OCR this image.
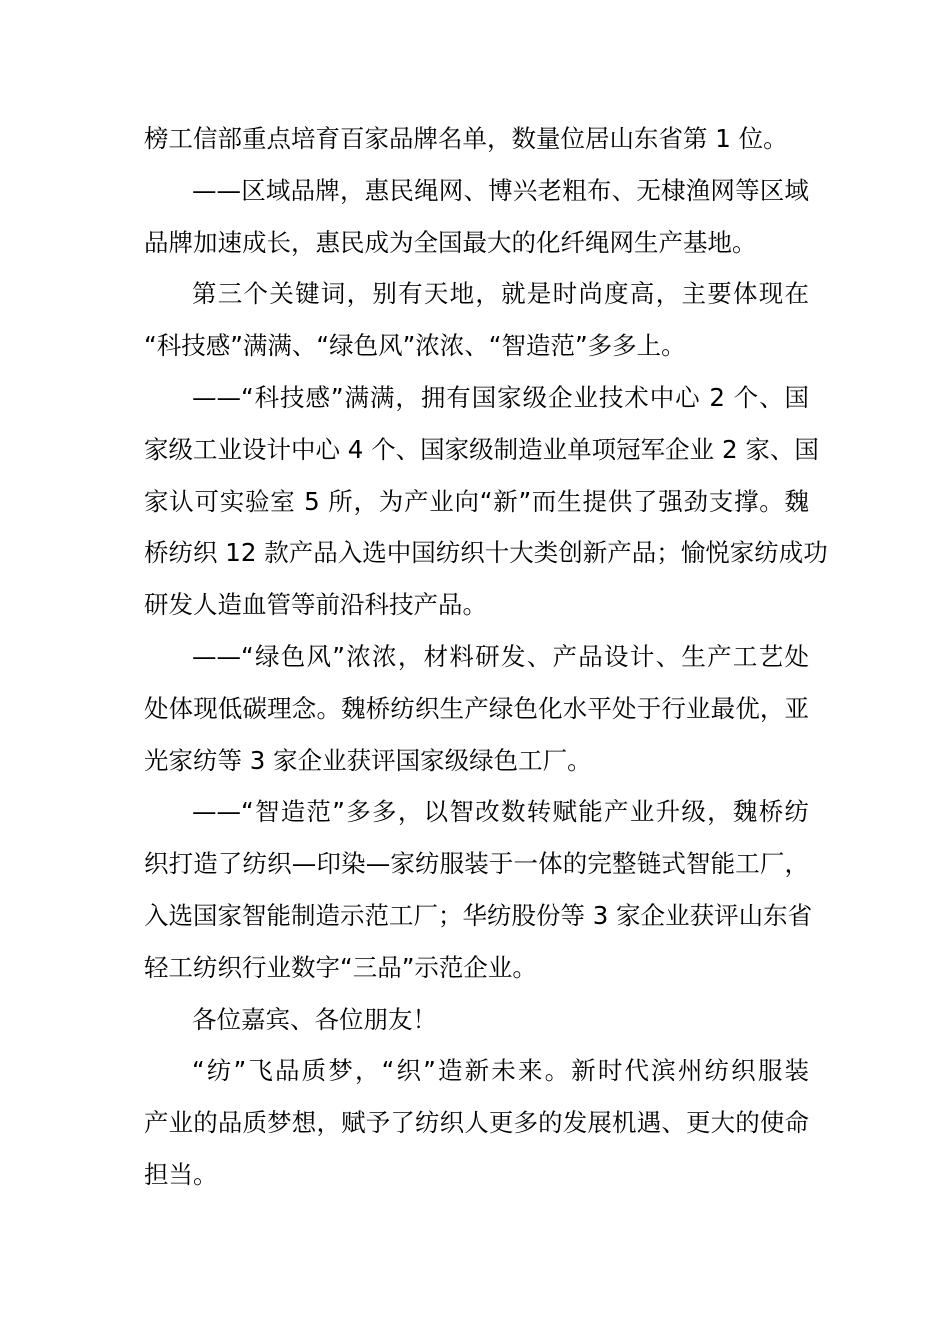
榜工信部重点培育百家品牌名单，数量位居山东省第 1 位。
——区域品牌，惠民绳网、博兴老粗布、无棣渔网等区域
品牌加速成长，惠民成为全国最大的化纤绳网生产基地。
第三个关键词，别有天地，就是时尚度高，主要体现在
“科技感”满满、“绿色风”浓浓、“智造范”多多上。
——“科技感”满满，拥有国家级企业技术中心 2 个、国
家级工业设计中心 4 个、国家级制造业单项冠军企业 2 家、国
家认可实验室 5 所，为产业向“新”而生提供了强劲支撑。魏
桥纺织 12 款产品入选中国纺织十大类创新产品；愉悦家纺成功
研发人造血管等前沿科技产品。
——“绿色风”浓浓，材料研发、产品设计、生产工艺处
处体现低碳理念。魏桥纺织生产绿色化水平处于行业最优，亚
光家纺等 3 家企业获评国家级绿色工厂。
——“智造范”多多，以智改数转赋能产业升级，魏桥纺
织打造了纺织—印染—家纺服装于一体的完整链式智能工厂，
入选国家智能制造示范工厂；华纺股份等 3 家企业获评山东省
轻工纺织行业数字“三品”示范企业。
各位嘉宾、各位朋友！
“纺”飞品质梦，“织”造新未来。新时代滨州纺织服装
产业的品质梦想，赋予了纺织人更多的发展机遇、更大的使命
担当。
